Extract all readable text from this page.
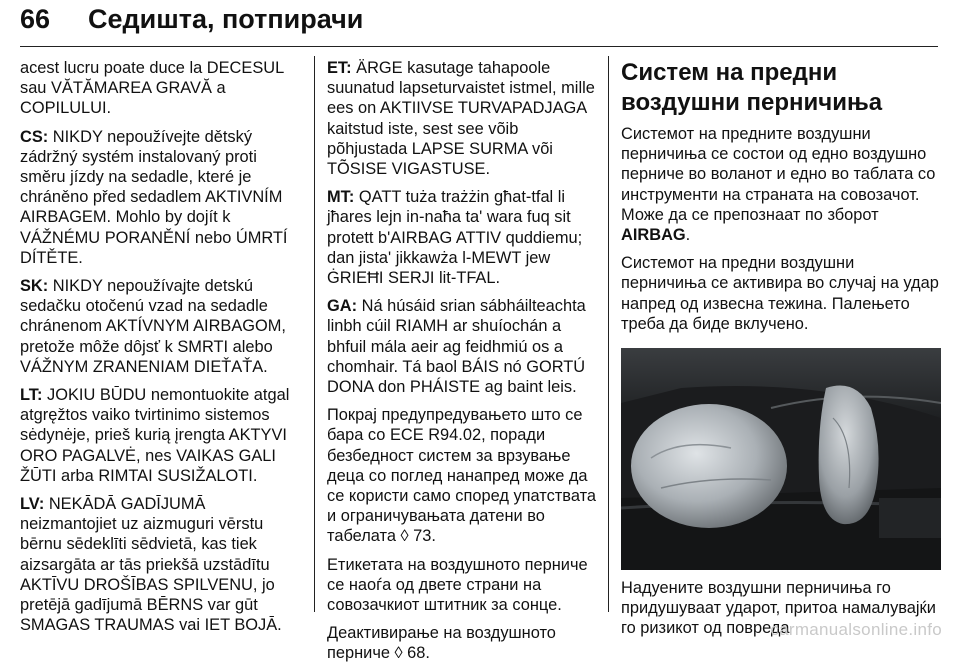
66 Седишта, потпирачи

acest lucru poate duce la DECESUL sau VĂTĂMAREA GRAVĂ a COPILULUI.

CS: NIKDY nepoužívejte dětský zádržný systém instalovaný proti směru jízdy na sedadle, které je chráněno před sedadlem AKTIVNÍM AIRBAGEM. Mohlo by dojít k VÁŽNÉMU PORANĚNÍ nebo ÚMRTÍ DÍTĚTE.

SK: NIKDY nepoužívajte detskú sedačku otočenú vzad na sedadle chránenom AKTÍVNYM AIRBAGOM, pretože môže dôjsť k SMRTI alebo VÁŽNYM ZRANENIAM DIEŤAŤA.

LT: JOKIU BŪDU nemontuokite atgal atgręžtos vaiko tvirtinimo sistemos sėdynėje, prieš kurią įrengta AKTYVI ORO PAGALVĖ, nes VAIKAS GALI ŽŪTI arba RIMTAI SUSIŽALOTI.

LV: NEKĀDĀ GADĪJUMĀ neizmantojiet uz aizmuguri vērstu bērnu sēdeklīti sēdvietā, kas tiek aizsargāta ar tās priekšā uzstādītu AKTĪVU DROŠĪBAS SPILVENU, jo pretējā gadījumā BĒRNS var gūt SMAGAS TRAUMAS vai IET BOJĀ.

ET: ÄRGE kasutage tahapoole suunatud lapseturvaistet istmel, mille ees on AKTIIVSE TURVAPADJAGA kaitstud iste, sest see võib põhjustada LAPSE SURMA või TÕSISE VIGASTUSE.

MT: QATT tuża trażżin għat-tfal li jħares lejn in-naħa ta' wara fuq sit protett b'AIRBAG ATTIV quddiemu; dan jista' jikkawża l-MEWT jew ĠRIEĦI SERJI lit-TFAL.

GA: Ná húsáid srian sábháilteachta linbh cúil RIAMH ar shuíochán a bhfuil mála aeir ag feidhmiú os a chomhair. Tá baol BÁIS nó GORTÚ DONA don PHÁISTE ag baint leis.

Покрај предупредувањето што се бара со ECE R94.02, поради безбедност систем за врзување деца со поглед нанапред може да се користи само според упатствата и ограничувањата датени во табелата ◊ 73.

Етикетата на воздушното перниче се наоѓа од двете страни на совозачкиот штитник за сонце.

Деактивирање на воздушното перниче ◊ 68.

Систем на предни воздушни перничиња

Системот на предните воздушни перничиња се состои од едно воздушно перниче во воланот и едно во таблата со инструменти на страната на совозачот. Може да се препознаат по зборот AIRBAG.

Системот на предни воздушни перничиња се активира во случај на удар напред од извесна тежина. Палењето треба да биде вклучено.

Надуените воздушни перничиња го придушуваат ударот, притоа намалувајќи го ризикот од повреда

carmanualsonline.info
